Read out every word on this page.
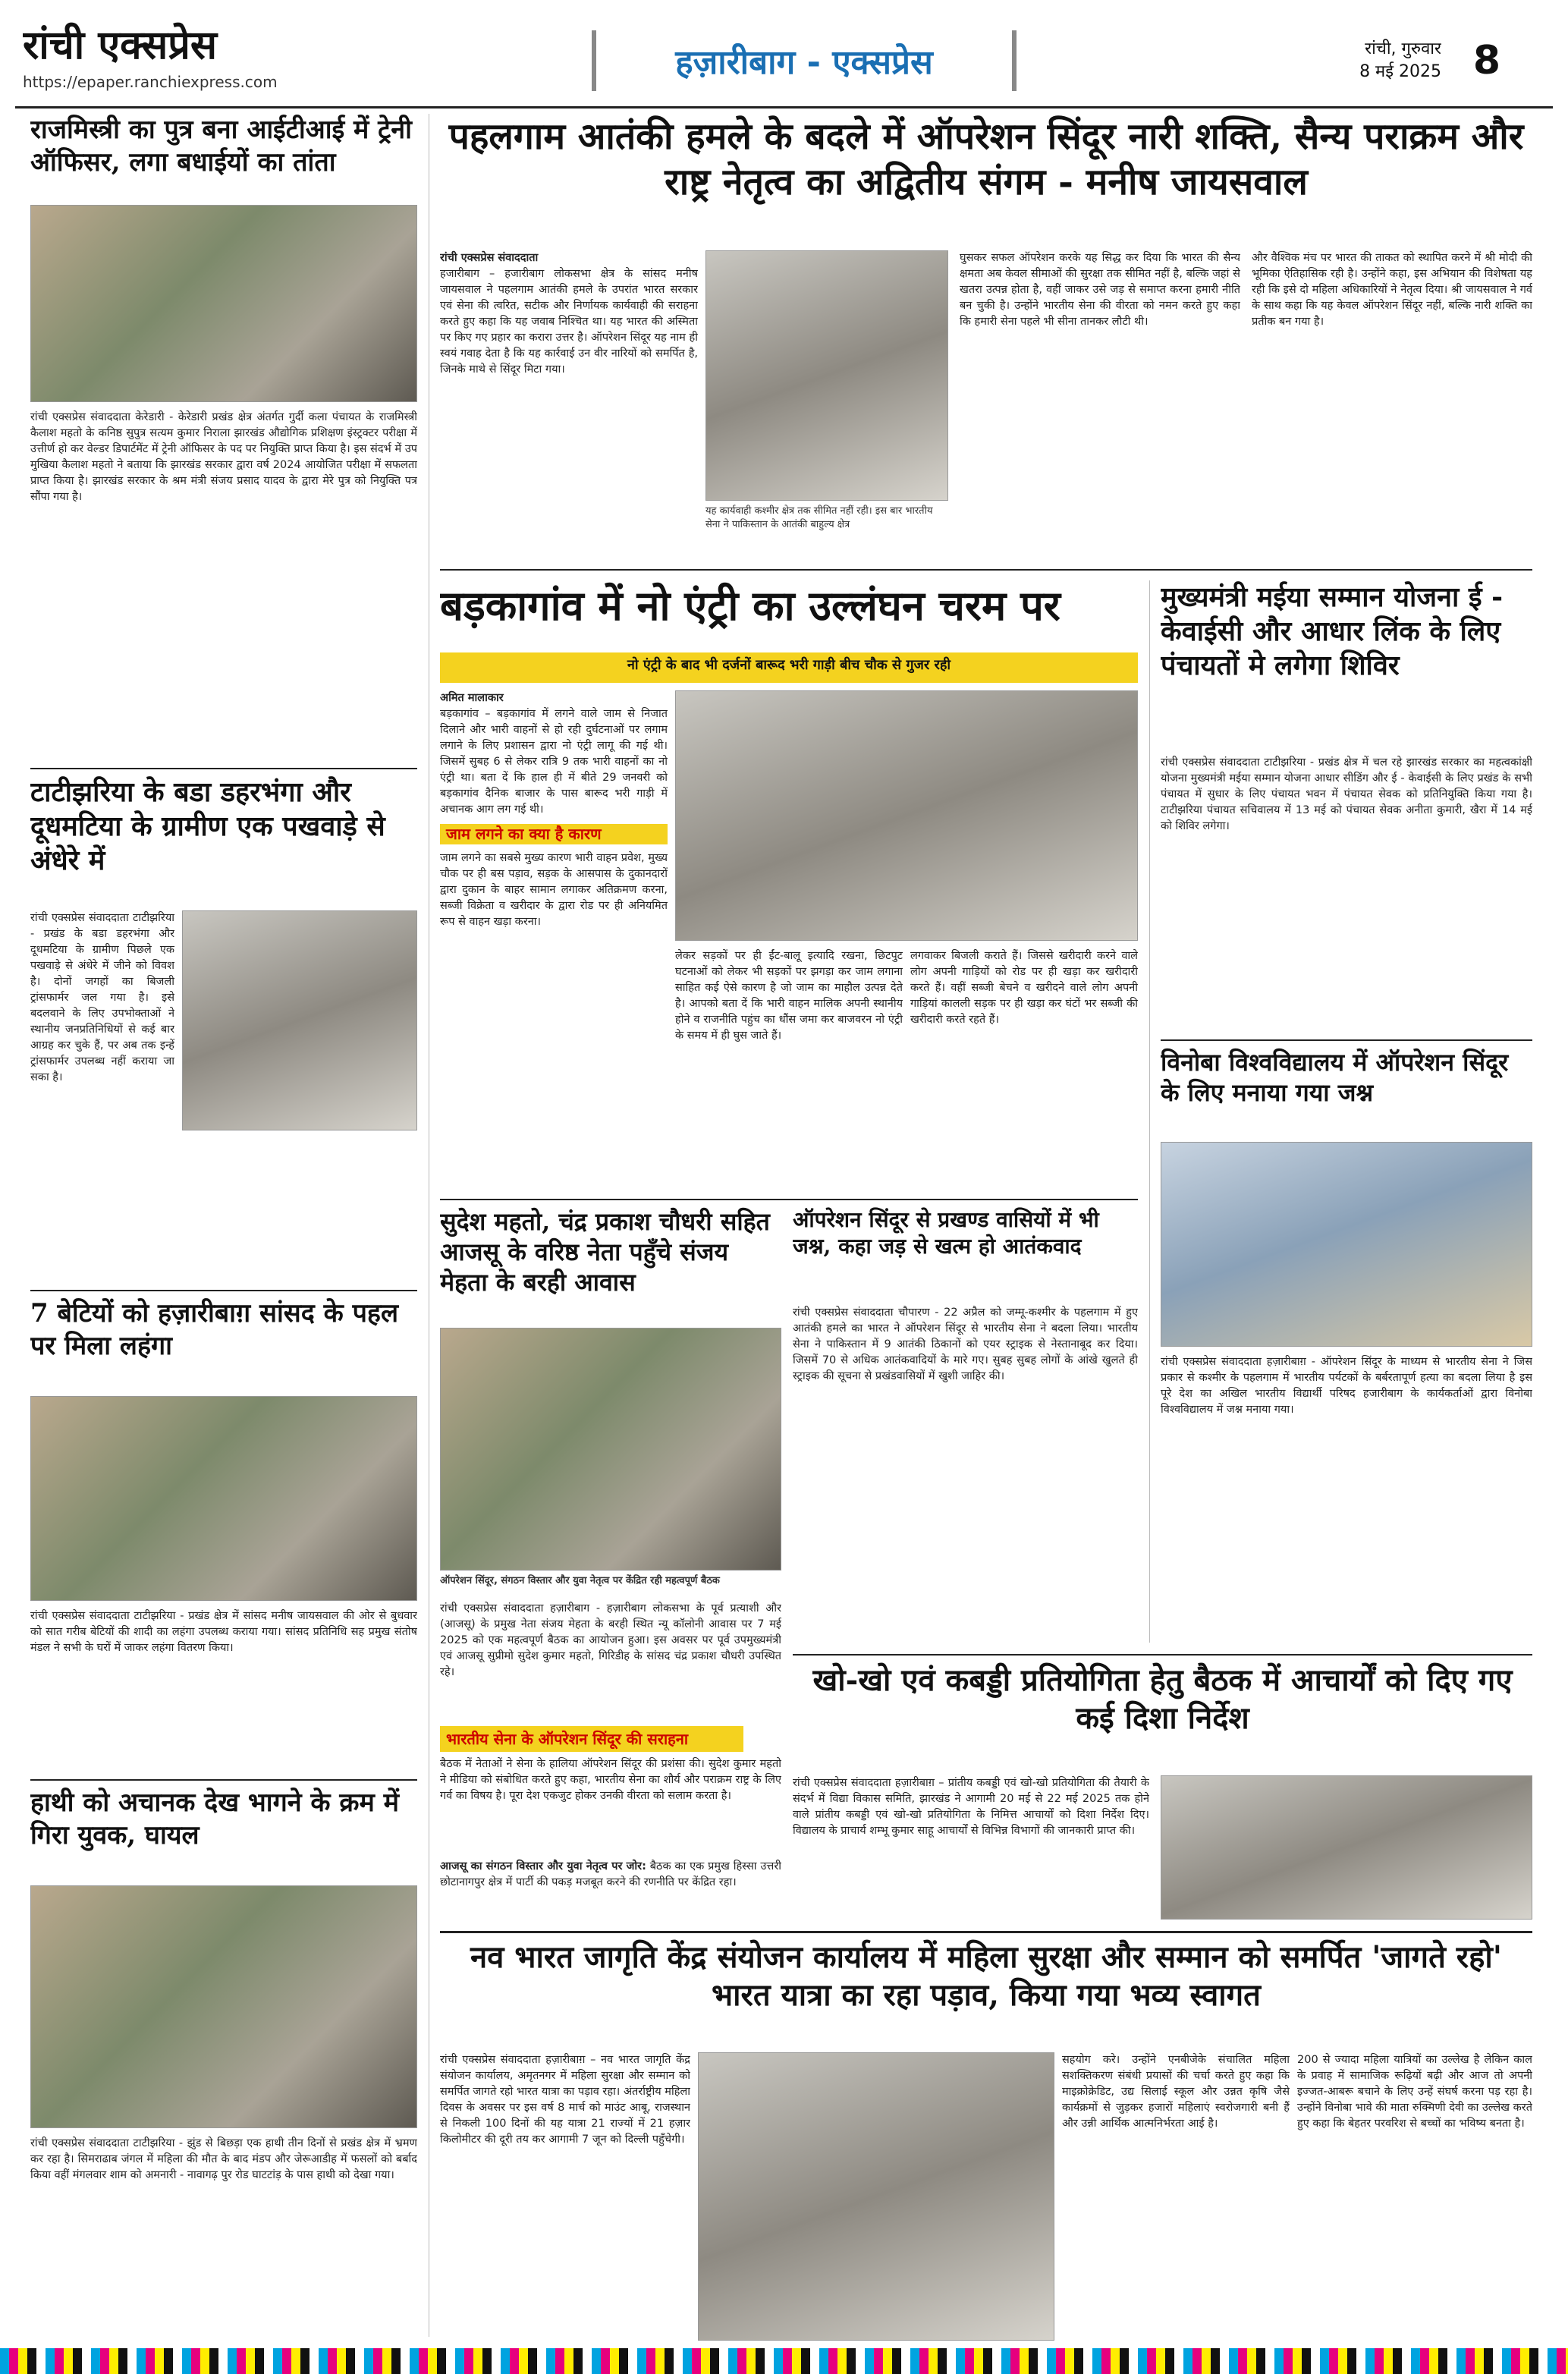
रांची एक्सप्रेस
https://epaper.ranchiexpress.com	हज़ारीबाग - एक्सप्रेस	रांची, गुरुवार
8 मई 2025 8
राजमिस्त्री का पुत्र बना आईटीआई में ट्रेनी ऑफिसर, लगा बधाईयों का तांता
रांची एक्सप्रेस संवाददाता केरेडारी - केरेडारी प्रखंड क्षेत्र अंतर्गत गुर्दी कला पंचायत के राजमिस्त्री कैलाश महतो के कनिष्ठ सुपुत्र सत्यम कुमार निराला झारखंड औद्योगिक प्रशिक्षण इंस्ट्रक्टर परीक्षा में उत्तीर्ण हो कर वेल्डर डिपार्टमेंट में ट्रेनी ऑफिसर के पद पर नियुक्ति प्राप्त किया है। इस संदर्भ में उप मुखिया कैलाश महतो ने बताया कि झारखंड सरकार द्वारा वर्ष 2024 आयोजित परीक्षा में सफलता प्राप्त किया है। झारखंड सरकार के श्रम मंत्री संजय प्रसाद यादव के द्वारा मेरे पुत्र को नियुक्ति पत्र सौंपा गया है।
टाटीझरिया के बडा डहरभंगा और दूधमटिया के ग्रामीण एक पखवाड़े से अंधेरे में
रांची एक्सप्रेस संवाददाता टाटीझरिया - प्रखंड के बडा डहरभंगा और दूधमटिया के ग्रामीण पिछले एक पखवाड़े से अंधेरे में जीने को विवश है। दोनों जगहों का बिजली ट्रांसफार्मर जल गया है। इसे बदलवाने के लिए उपभोक्ताओं ने स्थानीय जनप्रतिनिधियों से कई बार आग्रह कर चुके हैं, पर अब तक इन्हें ट्रांसफार्मर उपलब्ध नहीं कराया जा सका है।
7 बेटियों को हज़ारीबाग़ सांसद के पहल पर मिला लहंगा
रांची एक्सप्रेस संवाददाता टाटीझरिया - प्रखंड क्षेत्र में सांसद मनीष जायसवाल की ओर से बुधवार को सात गरीब बेटियों की शादी का लहंगा उपलब्ध कराया गया। सांसद प्रतिनिधि सह प्रमुख संतोष मंडल ने सभी के घरों में जाकर लहंगा वितरण किया।
हाथी को अचानक देख भागने के क्रम में गिरा युवक, घायल
रांची एक्सप्रेस संवाददाता टाटीझरिया - झुंड से बिछड़ा एक हाथी तीन दिनों से प्रखंड क्षेत्र में भ्रमण कर रहा है। सिमराढाब जंगल में महिला की मौत के बाद मंडप और जेरूआडीह में फसलों को बर्बाद किया वहीं मंगलवार शाम को अमनारी - नावागढ़ पुर रोड घाटटांड़ के पास हाथी को देखा गया।
पहलगाम आतंकी हमले के बदले में ऑपरेशन सिंदूर नारी शक्ति, सैन्य पराक्रम और राष्ट्र नेतृत्व का अद्वितीय संगम - मनीष जायसवाल
रांची एक्सप्रेस संवाददाता
हजारीबाग – हजारीबाग लोकसभा क्षेत्र के सांसद मनीष जायसवाल ने पहलगाम आतंकी हमले के उपरांत भारत सरकार एवं सेना की त्वरित, सटीक और निर्णायक कार्यवाही की सराहना करते हुए कहा कि यह जवाब निश्चित था। यह भारत की अस्मिता पर किए गए प्रहार का करारा उत्तर है। ऑपरेशन सिंदूर यह नाम ही स्वयं गवाह देता है कि यह कार्रवाई उन वीर नारियों को समर्पित है, जिनके माथे से सिंदूर मिटा गया।
यह कार्यवाही कश्मीर क्षेत्र तक सीमित नहीं रही। इस बार भारतीय सेना ने पाकिस्तान के आतंकी बाहुल्य क्षेत्र
घुसकर सफल ऑपरेशन करके यह सिद्ध कर दिया कि भारत की सैन्य क्षमता अब केवल सीमाओं की सुरक्षा तक सीमित नहीं है, बल्कि जहां से खतरा उत्पन्न होता है, वहीं जाकर उसे जड़ से समाप्त करना हमारी नीति बन चुकी है। उन्होंने भारतीय सेना की वीरता को नमन करते हुए कहा कि हमारी सेना पहले भी सीना तानकर लौटी थी।
और वैश्विक मंच पर भारत की ताकत को स्थापित करने में श्री मोदी की भूमिका ऐतिहासिक रही है। उन्होंने कहा, इस अभियान की विशेषता यह रही कि इसे दो महिला अधिकारियों ने नेतृत्व दिया। श्री जायसवाल ने गर्व के साथ कहा कि यह केवल ऑपरेशन सिंदूर नहीं, बल्कि नारी शक्ति का प्रतीक बन गया है।
बड़कागांव में नो एंट्री का उल्लंघन चरम पर
नो एंट्री के बाद भी दर्जनों बारूद भरी गाड़ी बीच चौक से गुजर रही
अमित मालाकार
बड़कागांव – बड़कागांव में लगने वाले जाम से निजात दिलाने और भारी वाहनों से हो रही दुर्घटनाओं पर लगाम लगाने के लिए प्रशासन द्वारा नो एंट्री लागू की गई थी। जिसमें सुबह 6 से लेकर रात्रि 9 तक भारी वाहनों का नो एंट्री था। बता दें कि हाल ही में बीते 29 जनवरी को बड़कागांव दैनिक बाजार के पास बारूद भरी गाड़ी में अचानक आग लग गई थी।
जाम लगने का क्या है कारण
जाम लगने का सबसे मुख्य कारण भारी वाहन प्रवेश, मुख्य चौक पर ही बस पड़ाव, सड़क के आसपास के दुकानदारों द्वारा दुकान के बाहर सामान लगाकर अतिक्रमण करना, सब्जी विक्रेता व खरीदार के द्वारा रोड पर ही अनियमित रूप से वाहन खड़ा करना।
लेकर सड़कों पर ही ईंट-बालू इत्यादि रखना, छिटपुट घटनाओं को लेकर भी सड़कों पर झगड़ा कर जाम लगाना साहित कई ऐसे कारण है जो जाम का माहौल उत्पन्न देते है। आपको बता दें कि भारी वाहन मालिक अपनी स्थानीय होने व राजनीति पहुंच का धौंस जमा कर बाजवरन नो एंट्री के समय में ही घुस जाते हैं।
लगवाकर बिजली कराते हैं। जिससे खरीदारी करने वाले लोग अपनी गाड़ियों को रोड पर ही खड़ा कर खरीदारी करते हैं। वहीं सब्जी बेचने व खरीदने वाले लोग अपनी गाड़ियां कालली सड़क पर ही खड़ा कर घंटों भर सब्जी की खरीदारी करते रहते हैं।
मुख्यमंत्री मईया सम्मान योजना ई - केवाईसी और आधार लिंक के लिए पंचायतों मे लगेगा शिविर
रांची एक्सप्रेस संवाददाता टाटीझरिया - प्रखंड क्षेत्र में चल रहे झारखंड सरकार का महत्वकांक्षी योजना मुख्यमंत्री मईया सम्मान योजना आधार सीडिंग और ई - केवाईसी के लिए प्रखंड के सभी पंचायत में सुधार के लिए पंचायत भवन में पंचायत सेवक को प्रतिनियुक्ति किया गया है। टाटीझरिया पंचायत सचिवालय में 13 मई को पंचायत सेवक अनीता कुमारी, खैरा में 14 मई को शिविर लगेगा।
विनोबा विश्वविद्यालय में ऑपरेशन सिंदूर के लिए मनाया गया जश्न
रांची एक्सप्रेस संवाददाता हज़ारीबाग़ - ऑपरेशन सिंदूर के माध्यम से भारतीय सेना ने जिस प्रकार से कश्मीर के पहलगाम में भारतीय पर्यटकों के बर्बरतापूर्ण हत्या का बदला लिया है इस पूरे देश का अखिल भारतीय विद्यार्थी परिषद हजारीबाग के कार्यकर्ताओं द्वारा विनोबा विश्वविद्यालय में जश्न मनाया गया।
सुदेश महतो, चंद्र प्रकाश चौधरी सहित आजसू के वरिष्ठ नेता पहुँचे संजय मेहता के बरही आवास
ऑपरेशन सिंदूर, संगठन विस्तार और युवा नेतृत्व पर केंद्रित रही महत्वपूर्ण बैठक
रांची एक्सप्रेस संवाददाता हज़ारीबाग - हज़ारीबाग लोकसभा के पूर्व प्रत्याशी और (आजसू) के प्रमुख नेता संजय मेहता के बरही स्थित न्यू कॉलोनी आवास पर 7 मई 2025 को एक महत्वपूर्ण बैठक का आयोजन हुआ। इस अवसर पर पूर्व उपमुख्यमंत्री एवं आजसू सुप्रीमो सुदेश कुमार महतो, गिरिडीह के सांसद चंद्र प्रकाश चौधरी उपस्थित रहे।
भारतीय सेना के ऑपरेशन सिंदूर की सराहना
बैठक में नेताओं ने सेना के हालिया ऑपरेशन सिंदूर की प्रशंसा की। सुदेश कुमार महतो ने मीडिया को संबोधित करते हुए कहा, भारतीय सेना का शौर्य और पराक्रम राष्ट्र के लिए गर्व का विषय है। पूरा देश एकजुट होकर उनकी वीरता को सलाम करता है।
आजसू का संगठन विस्तार और युवा नेतृत्व पर जोर: बैठक का एक प्रमुख हिस्सा उत्तरी छोटानागपुर क्षेत्र में पार्टी की पकड़ मजबूत करने की रणनीति पर केंद्रित रहा।
ऑपरेशन सिंदूर से प्रखण्ड वासियों में भी जश्न, कहा जड़ से खत्म हो आतंकवाद
रांची एक्सप्रेस संवाददाता चौपारण - 22 अप्रैल को जम्मू-कश्मीर के पहलगाम में हुए आतंकी हमले का भारत ने ऑपरेशन सिंदूर से भारतीय सेना ने बदला लिया। भारतीय सेना ने पाकिस्तान में 9 आतंकी ठिकानों को एयर स्ट्राइक से नेस्तानाबूद कर दिया। जिसमें 70 से अधिक आतंकवादियों के मारे गए। सुबह सुबह लोगों के आंखे खुलते ही स्ट्राइक की सूचना से प्रखंडवासियों में खुशी जाहिर की।
खो-खो एवं कबड्डी प्रतियोगिता हेतु बैठक में आचार्यों को दिए गए कई दिशा निर्देश
रांची एक्सप्रेस संवाददाता हज़ारीबाग़ – प्रांतीय कबड्डी एवं खो-खो प्रतियोगिता की तैयारी के संदर्भ में विद्या विकास समिति, झारखंड ने आगामी 20 मई से 22 मई 2025 तक होने वाले प्रांतीय कबड्डी एवं खो-खो प्रतियोगिता के निमित्त आचार्यों को दिशा निर्देश दिए। विद्यालय के प्राचार्य शम्भू कुमार साहू आचार्यों से विभिन्न विभागों की जानकारी प्राप्त की।
नव भारत जागृति केंद्र संयोजन कार्यालय में महिला सुरक्षा और सम्मान को समर्पित 'जागते रहो' भारत यात्रा का रहा पड़ाव, किया गया भव्य स्वागत
रांची एक्सप्रेस संवाददाता हज़ारीबाग़ – नव भारत जागृति केंद्र संयोजन कार्यालय, अमृतनगर में महिला सुरक्षा और सम्मान को समर्पित जागते रहो भारत यात्रा का पड़ाव रहा। अंतर्राष्ट्रीय महिला दिवस के अवसर पर इस वर्ष 8 मार्च को माउंट आबू, राजस्थान से निकली 100 दिनों की यह यात्रा 21 राज्यों में 21 हज़ार किलोमीटर की दूरी तय कर आगामी 7 जून को दिल्ली पहुँचेगी।
सहयोग करे। उन्होंने एनबीजेके संचालित महिला सशक्तिकरण संबंधी प्रयासों की चर्चा करते हुए कहा कि माइक्रोक्रेडिट, उद्य सिलाई स्कूल और उन्नत कृषि जैसे कार्यक्रमों से जुड़कर हजारों महिलाएं स्वरोजगारी बनी हैं और उन्नी आर्थिक आत्मनिर्भरता आई है।
200 से ज्यादा महिला यात्रियों का उल्लेख है लेकिन काल के प्रवाह में सामाजिक रूढ़ियों बढ़ी और आज तो अपनी इज्जत-आबरू बचाने के लिए उन्हें संघर्ष करना पड़ रहा है। उन्होंने विनोबा भावे की माता रुक्मिणी देवी का उल्लेख करते हुए कहा कि बेहतर परवरिश से बच्चों का भविष्य बनता है।
